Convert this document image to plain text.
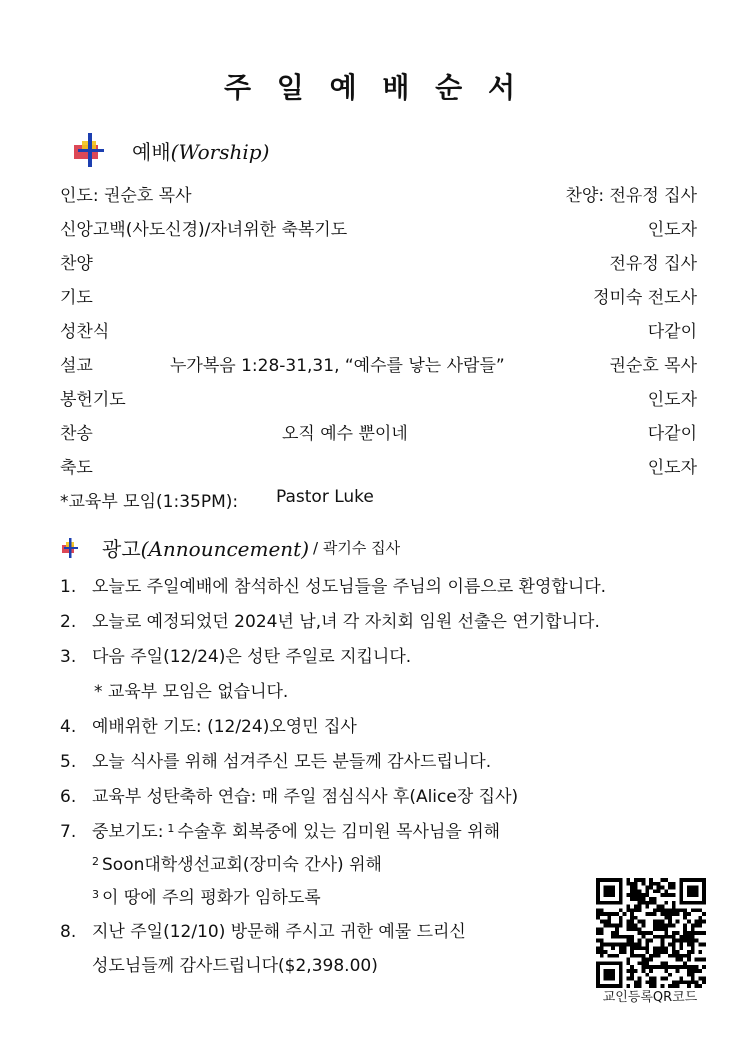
주 일 예 배 순 서
예배(Worship)
인도: 권순호 목사	찬양: 전유정 집사
신앙고백(사도신경)/자녀위한 축복기도	인도자
찬양	전유정 집사
기도	정미숙 전도사
성찬식	다같이
설교	누가복음 1:28-31,31, “예수를 낳는 사람들”	권순호 목사
봉헌기도	인도자
찬송	오직 예수 뿐이네	다같이
축도	인도자
*교육부 모임(1:35PM): Pastor Luke
광고(Announcement) / 곽기수 집사
1. 오늘도 주일예배에 참석하신 성도님들을 주님의 이름으로 환영합니다.
2. 오늘로 예정되었던 2024년 남,녀 각 자치회 임원 선출은 연기합니다.
3. 다음 주일(12/24)은 성탄 주일로 지킵니다.
* 교육부 모임은 없습니다.
4. 예배위한 기도: (12/24)오영민 집사
5. 오늘 식사를 위해 섬겨주신 모든 분들께 감사드립니다.
6. 교육부 성탄축하 연습: 매 주일 점심식사 후(Alice장 집사)
7. 중보기도: $^1$ 수술후 회복중에 있는 김미원 목사님을 위해
$^2$ Soon대학생선교회(장미숙 간사) 위해
$^3$ 이 땅에 주의 평화가 임하도록
8. 지난 주일(12/10) 방문해 주시고 귀한 예물 드리신
성도님들께 감사드립니다($2,398.00)
교인등록QR코드
